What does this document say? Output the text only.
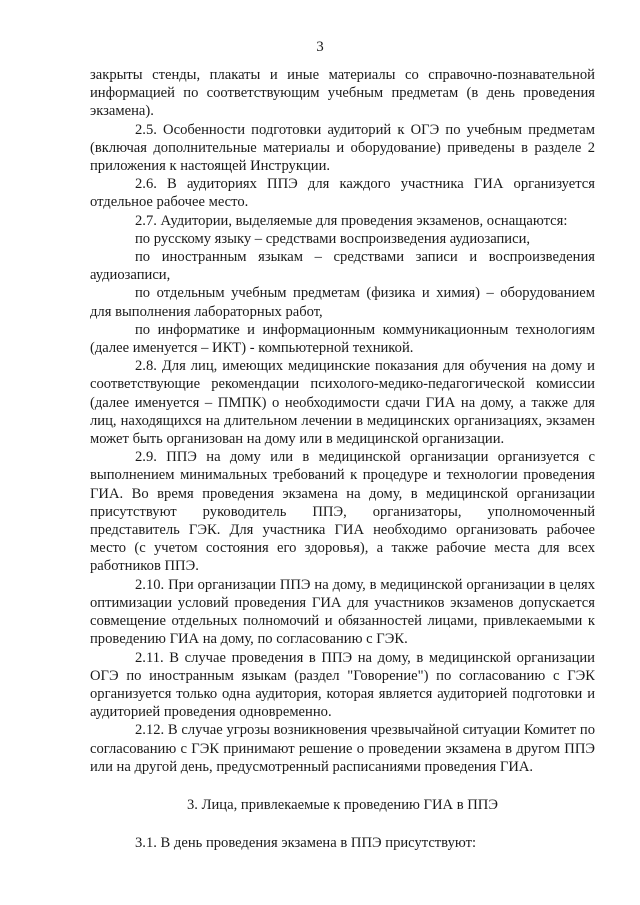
3

закрыты стенды, плакаты и иные материалы со справочно-познавательной информацией по соответствующим учебным предметам (в день проведения экзамена).

2.5. Особенности подготовки аудиторий к ОГЭ по учебным предметам (включая дополнительные материалы и оборудование) приведены в разделе 2 приложения к настоящей Инструкции.

2.6. В аудиториях ППЭ для каждого участника ГИА организуется отдельное рабочее место.

2.7. Аудитории, выделяемые для проведения экзаменов, оснащаются:

по русскому языку – средствами воспроизведения аудиозаписи,

по иностранным языкам – средствами записи и воспроизведения аудиозаписи,

по отдельным учебным предметам (физика и химия) – оборудованием для выполнения лабораторных работ,

по информатике и информационным коммуникационным технологиям (далее именуется – ИКТ) - компьютерной техникой.

2.8. Для лиц, имеющих медицинские показания для обучения на дому и соответствующие рекомендации психолого-медико-педагогической комиссии (далее именуется – ПМПК) о необходимости сдачи ГИА на дому, а также для лиц, находящихся на длительном лечении в медицинских организациях, экзамен может быть организован на дому или в медицинской организации.

2.9. ППЭ на дому или в медицинской организации организуется с выполнением минимальных требований к процедуре и технологии проведения ГИА. Во время проведения экзамена на дому, в медицинской организации присутствуют руководитель ППЭ, организаторы, уполномоченный представитель ГЭК. Для участника ГИА необходимо организовать рабочее место (с учетом состояния его здоровья), а также рабочие места для всех работников ППЭ.

2.10. При организации ППЭ на дому, в медицинской организации в целях оптимизации условий проведения ГИА для участников экзаменов допускается совмещение отдельных полномочий и обязанностей лицами, привлекаемыми к проведению ГИА на дому, по согласованию с ГЭК.

2.11. В случае проведения в ППЭ на дому, в медицинской организации ОГЭ по иностранным языкам (раздел "Говорение") по согласованию с ГЭК организуется только одна аудитория, которая является аудиторией подготовки и аудиторией проведения одновременно.

2.12. В случае угрозы возникновения чрезвычайной ситуации Комитет по согласованию с ГЭК принимают решение о проведении экзамена в другом ППЭ или на другой день, предусмотренный расписаниями проведения ГИА.

3. Лица, привлекаемые к проведению ГИА в ППЭ

3.1. В день проведения экзамена в ППЭ присутствуют:
